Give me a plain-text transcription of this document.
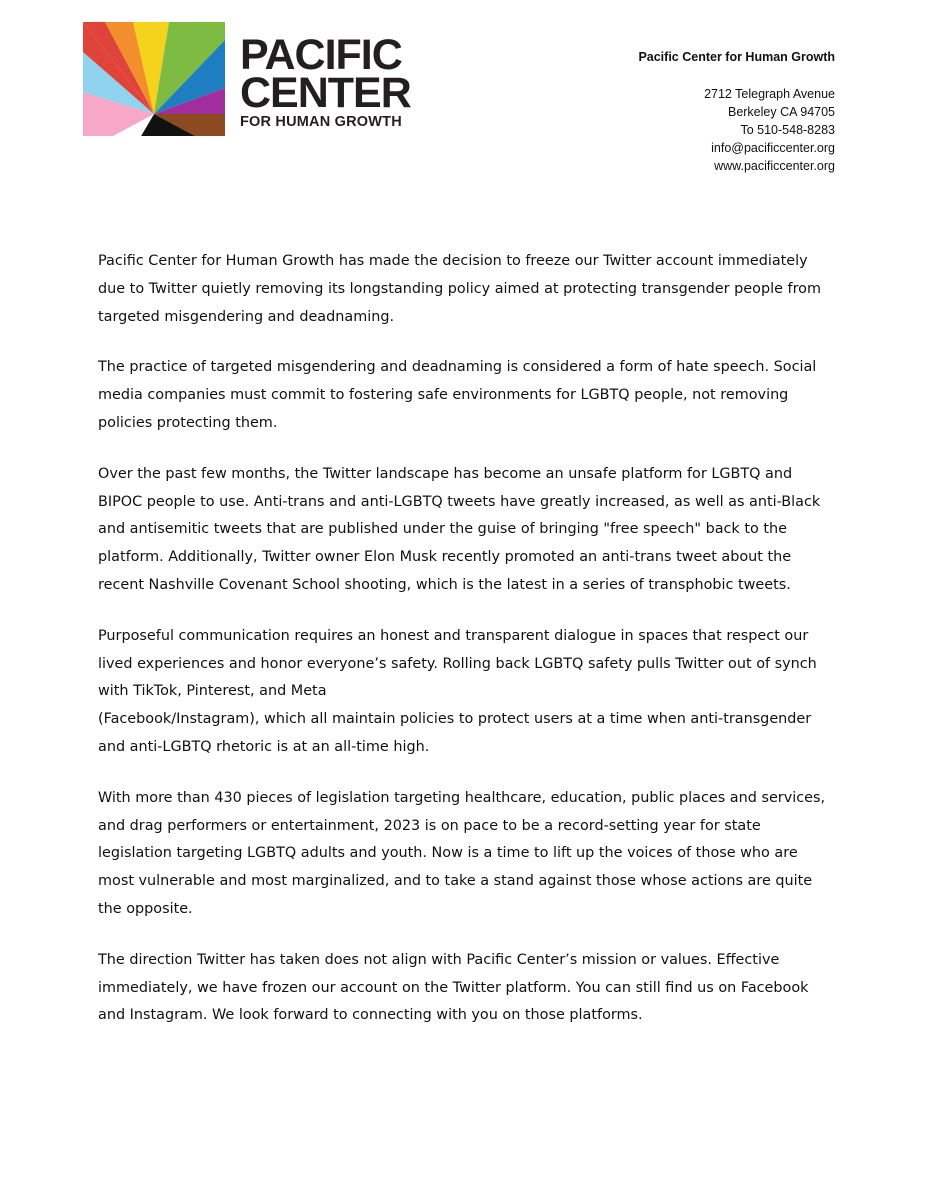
PACIFIC
CENTER
FOR HUMAN GROWTH
Pacific Center for Human Growth
2712 Telegraph Avenue
Berkeley CA 94705
To 510-548-8283
info@pacificcenter.org
www.pacificcenter.org

Pacific Center for Human Growth has made the decision to freeze our Twitter account immediately due to Twitter quietly removing its longstanding policy aimed at protecting transgender people from targeted misgendering and deadnaming.

The practice of targeted misgendering and deadnaming is considered a form of hate speech. Social media companies must commit to fostering safe environments for LGBTQ people, not removing policies protecting them.

Over the past few months, the Twitter landscape has become an unsafe platform for LGBTQ and BIPOC people to use. Anti-trans and anti-LGBTQ tweets have greatly increased, as well as anti-Black and antisemitic tweets that are published under the guise of bringing "free speech" back to the platform. Additionally, Twitter owner Elon Musk recently promoted an anti-trans tweet about the recent Nashville Covenant School shooting, which is the latest in a series of transphobic tweets.

Purposeful communication requires an honest and transparent dialogue in spaces that respect our lived experiences and honor everyone’s safety. Rolling back LGBTQ safety pulls Twitter out of synch with TikTok, Pinterest, and Meta
(Facebook/Instagram), which all maintain policies to protect users at a time when anti-transgender and anti-LGBTQ rhetoric is at an all-time high.

With more than 430 pieces of legislation targeting healthcare, education, public places and services, and drag performers or entertainment, 2023 is on pace to be a record-setting year for state legislation targeting LGBTQ adults and youth. Now is a time to lift up the voices of those who are most vulnerable and most marginalized, and to take a stand against those whose actions are quite the opposite.

The direction Twitter has taken does not align with Pacific Center’s mission or values. Effective immediately, we have frozen our account on the Twitter platform. You can still find us on Facebook and Instagram. We look forward to connecting with you on those platforms.
